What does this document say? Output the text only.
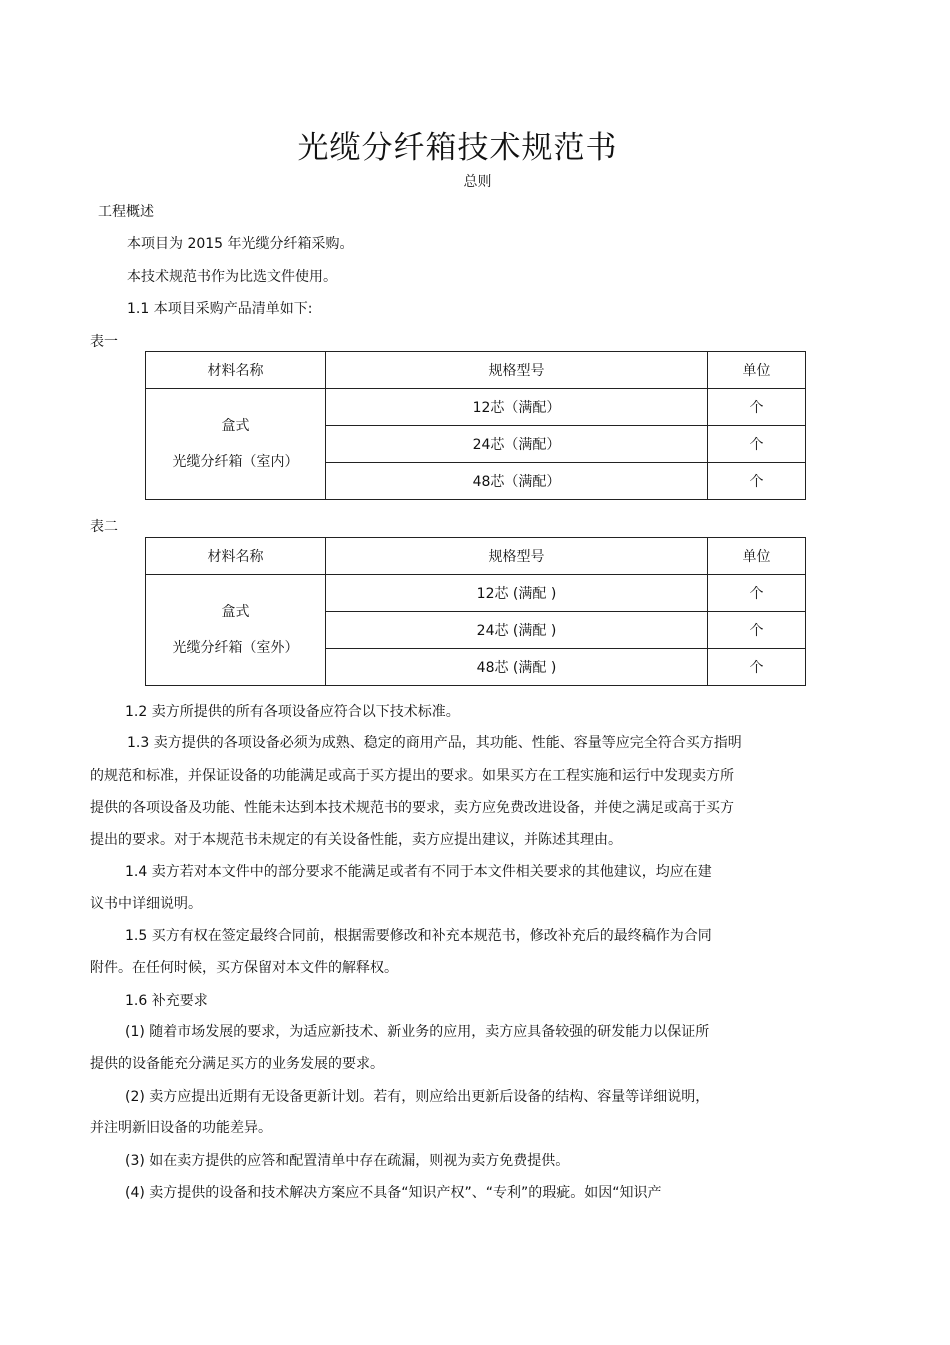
光缆分纤箱技术规范书
总则
工程概述
本项目为 2015 年光缆分纤箱采购。
本技术规范书作为比选文件使用。
1.1 本项目采购产品清单如下:
表一
材料名称	规格型号	单位

盒式
光缆分纤箱（室内）	12芯（满配）	个
	24芯（满配）	个
	48芯（满配）	个
表二
材料名称	规格型号	单位

盒式
光缆分纤箱（室外）	12芯 (满配 )	个
	24芯 (满配 )	个
	48芯 (满配 )	个
1.2 卖方所提供的所有各项设备应符合以下技术标准。
1.3 卖方提供的各项设备必须为成熟、稳定的商用产品，其功能、性能、容量等应完全符合买方指明
的规范和标准，并保证设备的功能满足或高于买方提出的要求。如果买方在工程实施和运行中发现卖方所
提供的各项设备及功能、性能未达到本技术规范书的要求，卖方应免费改进设备，并使之满足或高于买方
提出的要求。对于本规范书未规定的有关设备性能，卖方应提出建议，并陈述其理由。
1.4 卖方若对本文件中的部分要求不能满足或者有不同于本文件相关要求的其他建议，均应在建
议书中详细说明。
1.5 买方有权在签定最终合同前，根据需要修改和补充本规范书，修改补充后的最终稿作为合同
附件。在任何时候，买方保留对本文件的解释权。
1.6 补充要求
(1) 随着市场发展的要求，为适应新技术、新业务的应用，卖方应具备较强的研发能力以保证所
提供的设备能充分满足买方的业务发展的要求。
(2) 卖方应提出近期有无设备更新计划。若有，则应给出更新后设备的结构、容量等详细说明，
并注明新旧设备的功能差异。
(3) 如在卖方提供的应答和配置清单中存在疏漏，则视为卖方免费提供。
(4) 卖方提供的设备和技术解决方案应不具备“知识产权”、“专利”的瑕疵。如因“知识产
